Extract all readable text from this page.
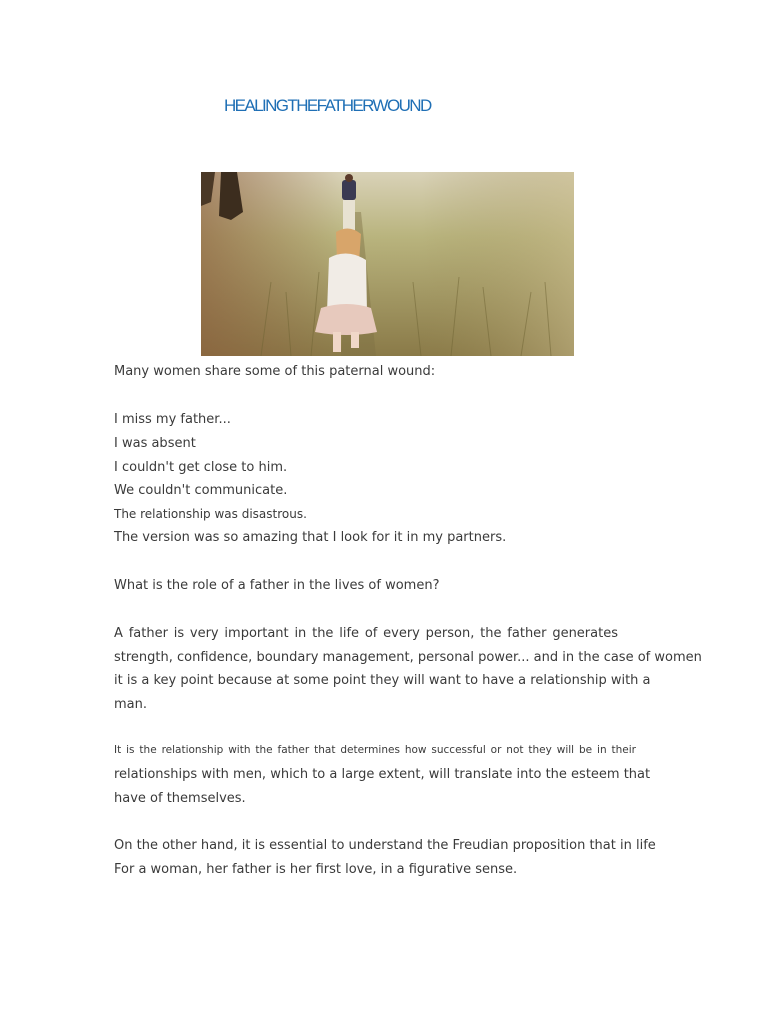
HEALINGTHEFATHERWOUND
Many women share some of this paternal wound:
I miss my father...
I was absent
I couldn't get close to him.
We couldn't communicate.
The relationship was disastrous.
The version was so amazing that I look for it in my partners.
What is the role of a father in the lives of women?
A father is very important in the life of every person, the father generates
strength, confidence, boundary management, personal power... and in the case of women
it is a key point because at some point they will want to have a relationship with a
man.
It is the relationship with the father that determines how successful or not they will be in their
relationships with men, which to a large extent, will translate into the esteem that
have of themselves.
On the other hand, it is essential to understand the Freudian proposition that in life
For a woman, her father is her first love, in a figurative sense.
